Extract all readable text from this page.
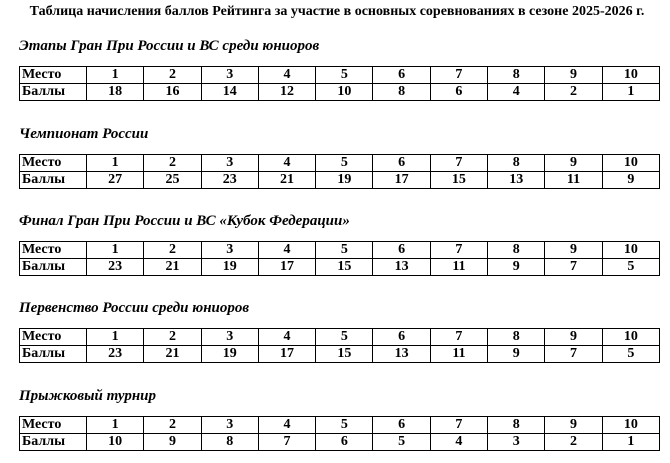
Таблица начисления баллов Рейтинга за участие в основных соревнованиях в сезоне 2025-2026 г.
Этапы Гран При России и ВС среди юниоров
Место	1	2	3	4	5	6	7	8	9	10
Баллы	18	16	14	12	10	8	6	4	2	1
Чемпионат России
Место	1	2	3	4	5	6	7	8	9	10
Баллы	27	25	23	21	19	17	15	13	11	9
Финал Гран При России и ВС «Кубок Федерации»
Место	1	2	3	4	5	6	7	8	9	10
Баллы	23	21	19	17	15	13	11	9	7	5
Первенство России среди юниоров
Место	1	2	3	4	5	6	7	8	9	10
Баллы	23	21	19	17	15	13	11	9	7	5
Прыжковый турнир
Место	1	2	3	4	5	6	7	8	9	10
Баллы	10	9	8	7	6	5	4	3	2	1
